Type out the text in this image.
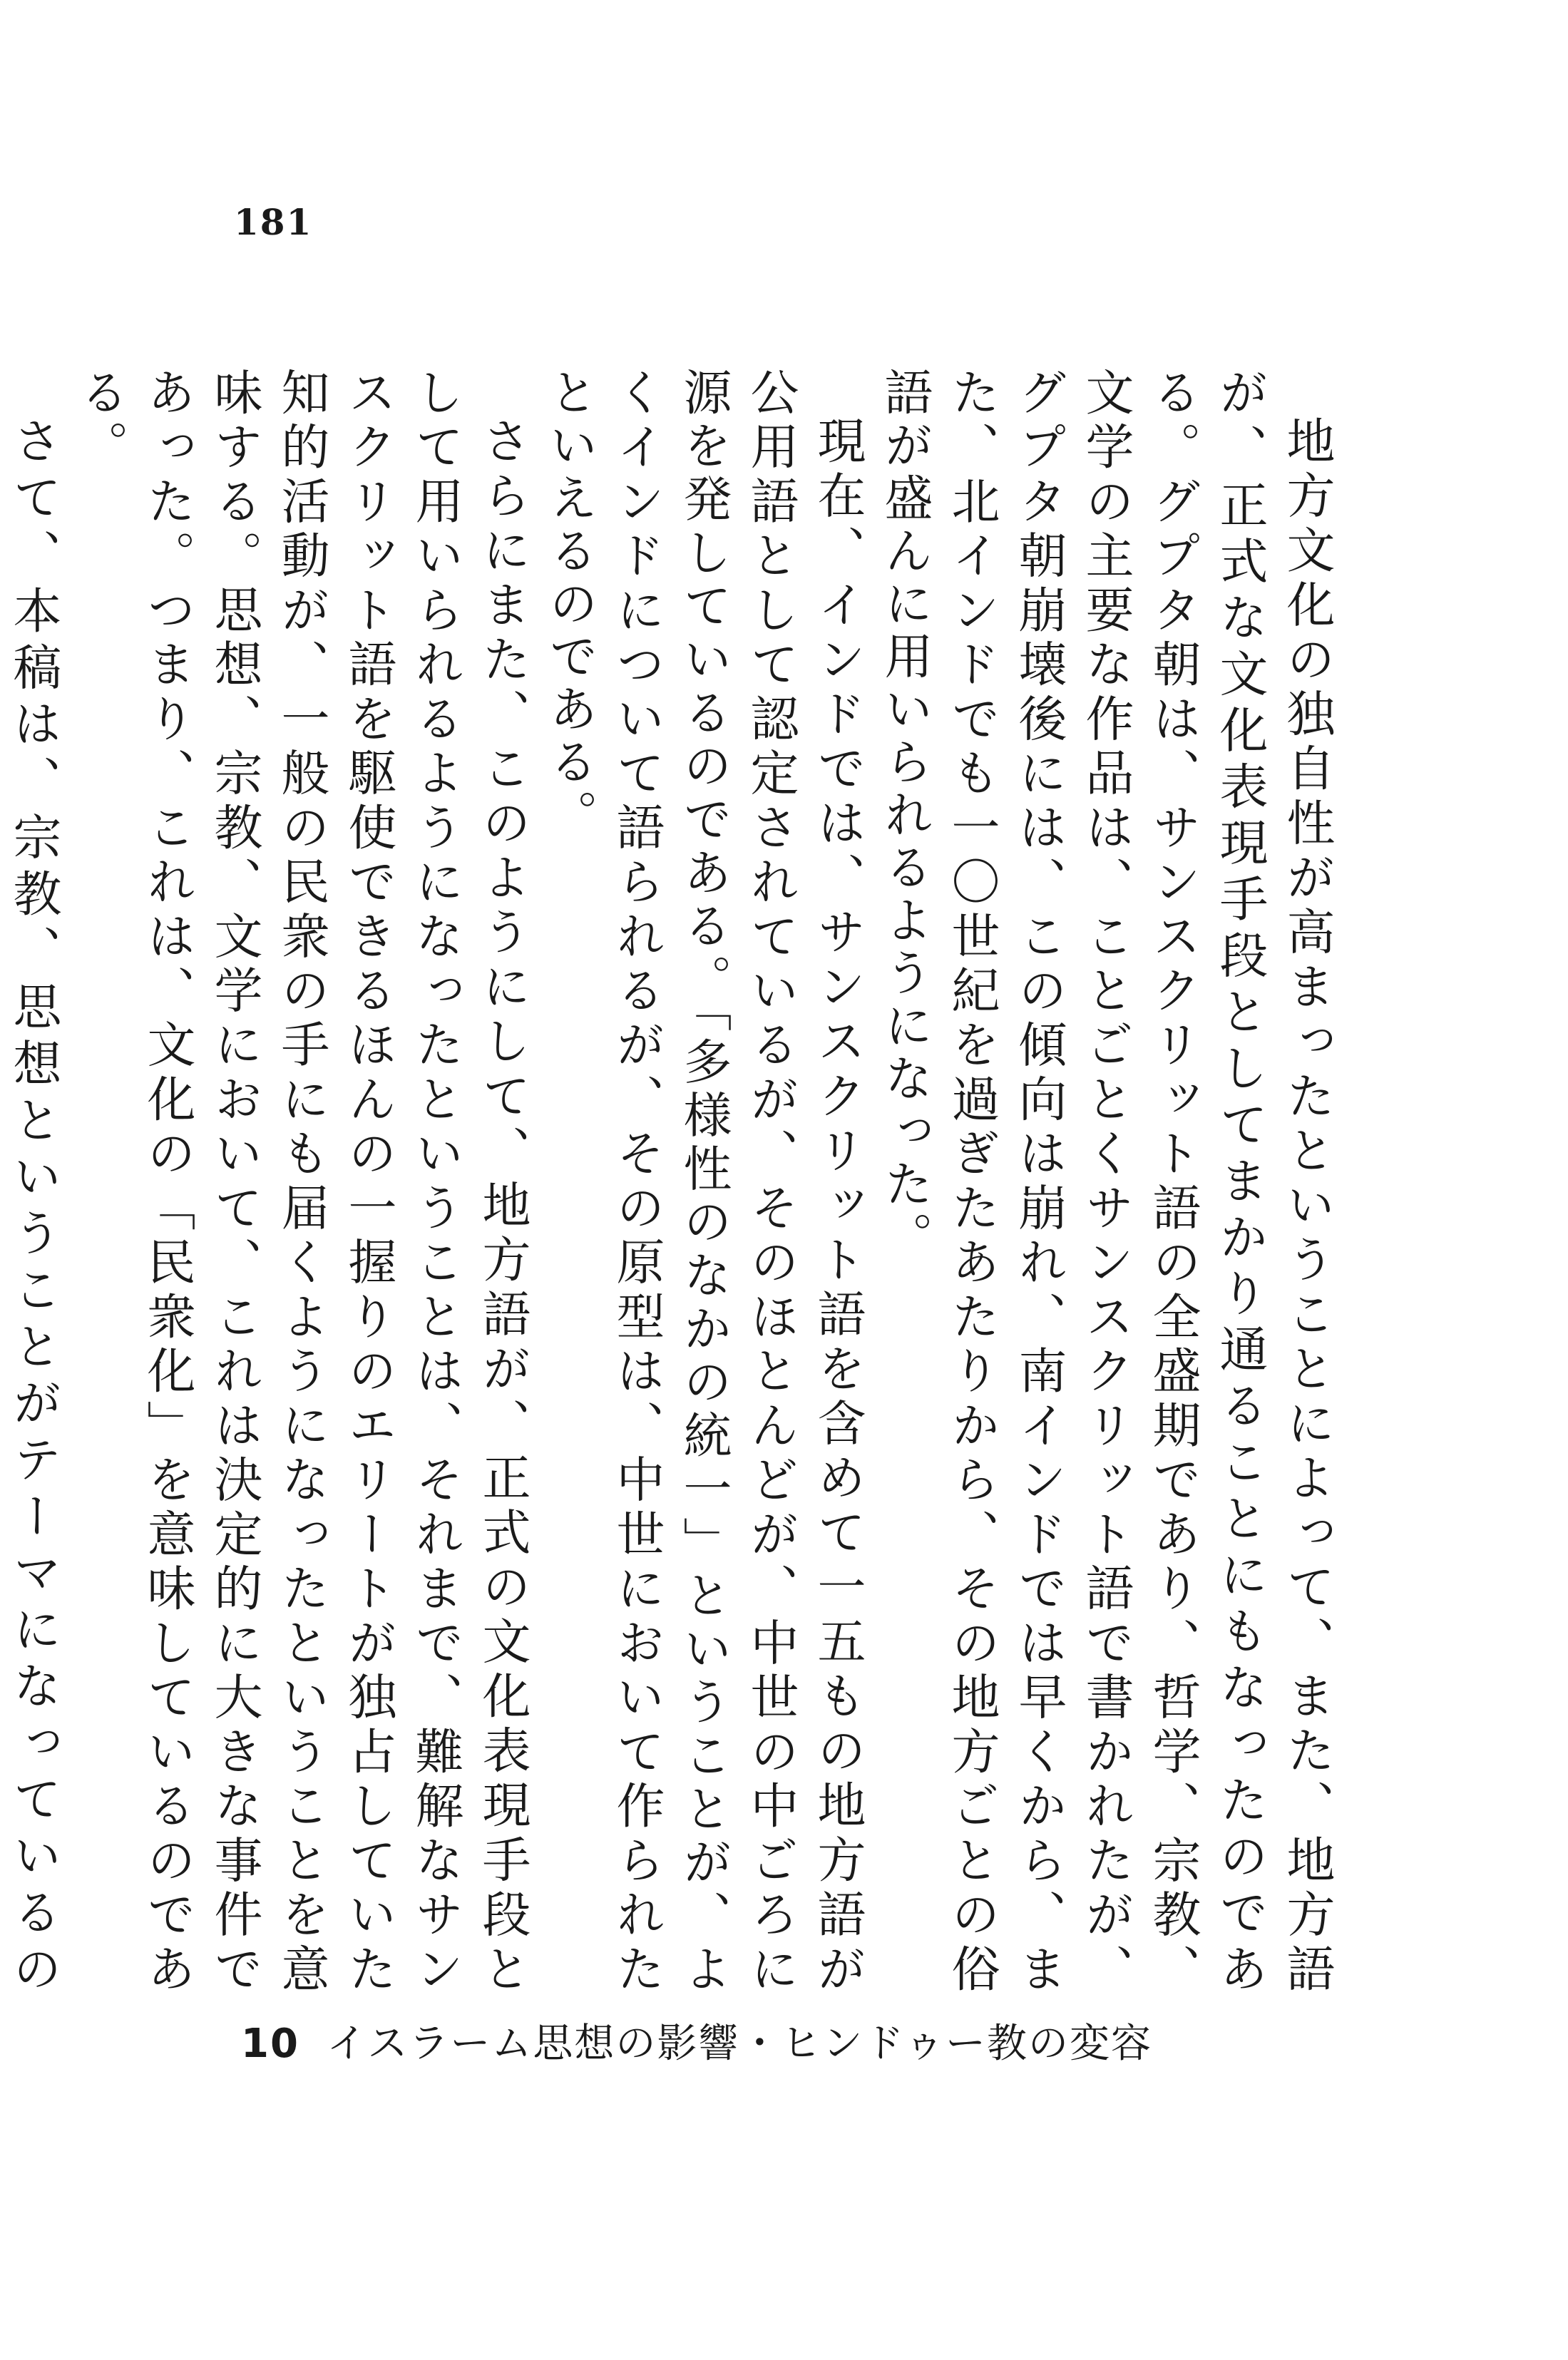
181

地方文化の独自性が高まったということによって、また、地方語が、正式な文化表現手段としてまかり通ることにもなったのである。グプタ朝は、サンスクリット語の全盛期であり、哲学、宗教、文学の主要な作品は、ことごとくサンスクリット語で書かれたが、グプタ朝崩壊後には、この傾向は崩れ、南インドでは早くから、また、北インドでも一〇世紀を過ぎたあたりから、その地方ごとの俗語が盛んに用いられるようになった。

現在、インドでは、サンスクリット語を含めて一五もの地方語が公用語として認定されているが、そのほとんどが、中世の中ごろに源を発しているのである。「多様性のなかの統一」ということが、よくインドについて語られるが、その原型は、中世において作られたといえるのである。

さらにまた、このようにして、地方語が、正式の文化表現手段として用いられるようになったということは、それまで、難解なサンスクリット語を駆使できるほんの一握りのエリートが独占していた知的活動が、一般の民衆の手にも届くようになったということを意味する。思想、宗教、文学において、これは決定的に大きな事件であった。つまり、これは、文化の「民衆化」を意味しているのである。

さて、本稿は、宗教、思想ということがテーマになっているの

10 イスラーム思想の影響・ヒンドゥー教の変容
